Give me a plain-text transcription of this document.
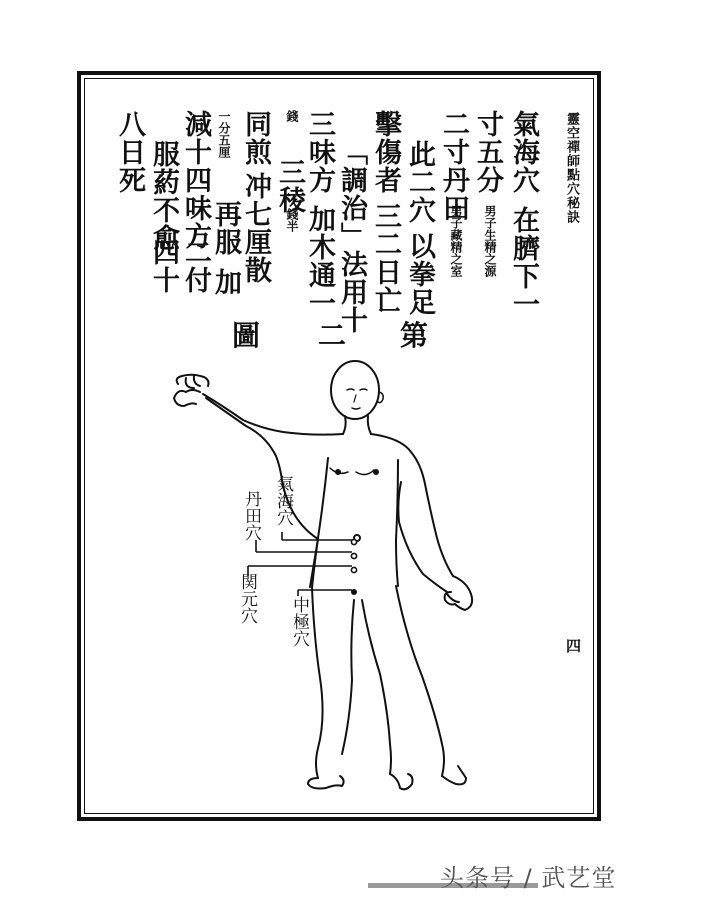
靈空禪師點穴秘訣
氣海穴
在臍下一
寸五分
男子生精之源
二寸丹田
男子藏精之室
此二穴
以拳足
擊傷者
三二日亡
「調治」法用十
三味方
加木通一
錢
三稜
錢半
同煎
冲七厘散
一分五厘
再服
加
減十四味方
二付
服葯不愈
四十
八日死
第
二
圖
氣海穴
丹田穴
関元穴 中極穴	四
头条号 / 武艺堂
